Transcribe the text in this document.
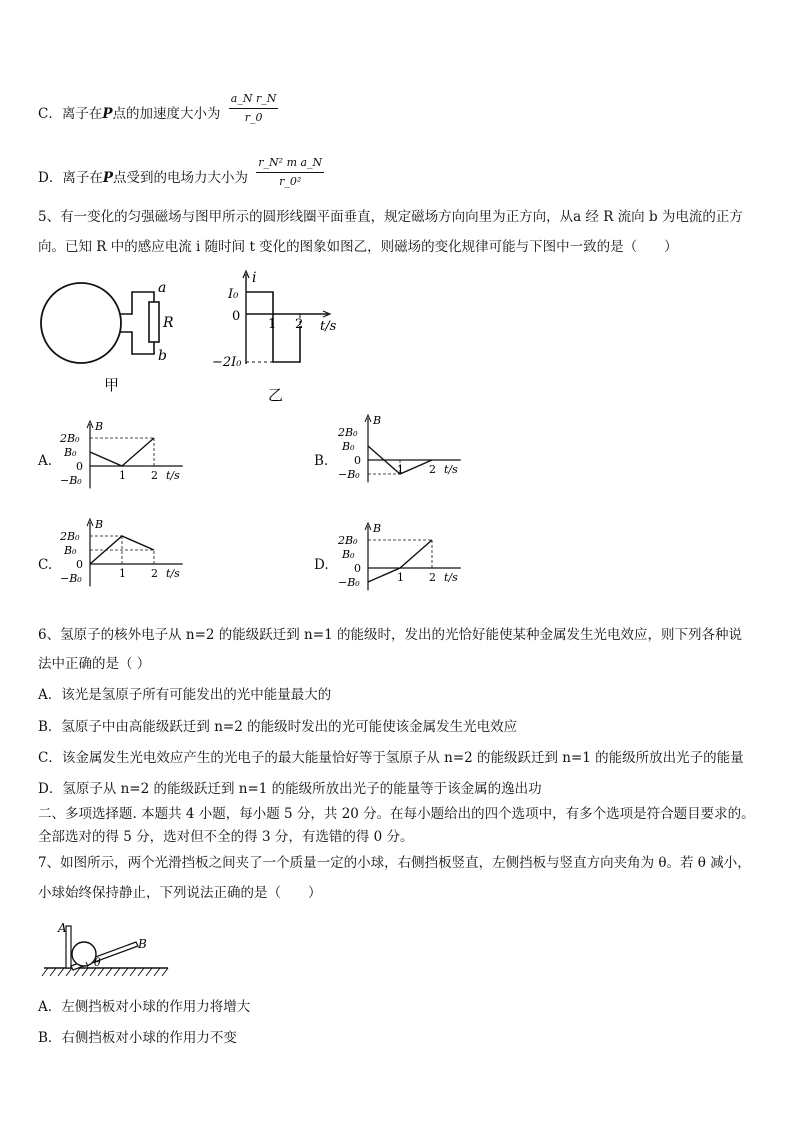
C．离子在P点的加速度大小为 $\frac{\text{a\_N r\_N}}{r\_0}$
D．离子在P点受到的电场力大小为 $\frac{\text{r\_N² m a\_N}}{\text{r\_0²}}$
5、有一变化的匀强磁场与图甲所示的圆形线圈平面垂直，规定磁场方向向里为正方向，从a 经 R 流向 b 为电流的正方
向。已知 R 中的感应电流 i 随时间 t 变化的图象如图乙，则磁场的变化规律可能与下图中一致的是（　　）
a
R
b
甲
i
I₀
0
−2I₀
1 2 t/s
乙
A.
B
2B₀
B₀
0
−B₀	1 2 t/s
B.
B
2B₀
B₀
0
−B₀	1 2 t/s
C.
B
2B₀
B₀
0
−B₀	1 2 t/s
D.
B
2B₀
B₀
0
−B₀	1 2 t/s
6、氢原子的核外电子从 n=2 的能级跃迁到 n=1 的能级时，发出的光恰好能使某种金属发生光电效应，则下列各种说
法中正确的是（ ）
A．该光是氢原子所有可能发出的光中能量最大的
B．氢原子中由高能级跃迁到 n=2 的能级时发出的光可能使该金属发生光电效应
C．该金属发生光电效应产生的光电子的最大能量恰好等于氢原子从 n=2 的能级跃迁到 n=1 的能级所放出光子的能量
D．氢原子从 n=2 的能级跃迁到 n=1 的能级所放出光子的能量等于该金属的逸出功
二、多项选择题. 本题共 4 小题，每小题 5 分，共 20 分。在每小题给出的四个选项中，有多个选项是符合题目要求的。
全部选对的得 5 分，选对但不全的得 3 分，有选错的得 0 分。
7、如图所示，两个光滑挡板之间夹了一个质量一定的小球，右侧挡板竖直，左侧挡板与竖直方向夹角为 θ。若 θ 减小，
小球始终保持静止，下列说法正确的是（　　）
A
B
θ
A．左侧挡板对小球的作用力将增大
B．右侧挡板对小球的作用力不变
